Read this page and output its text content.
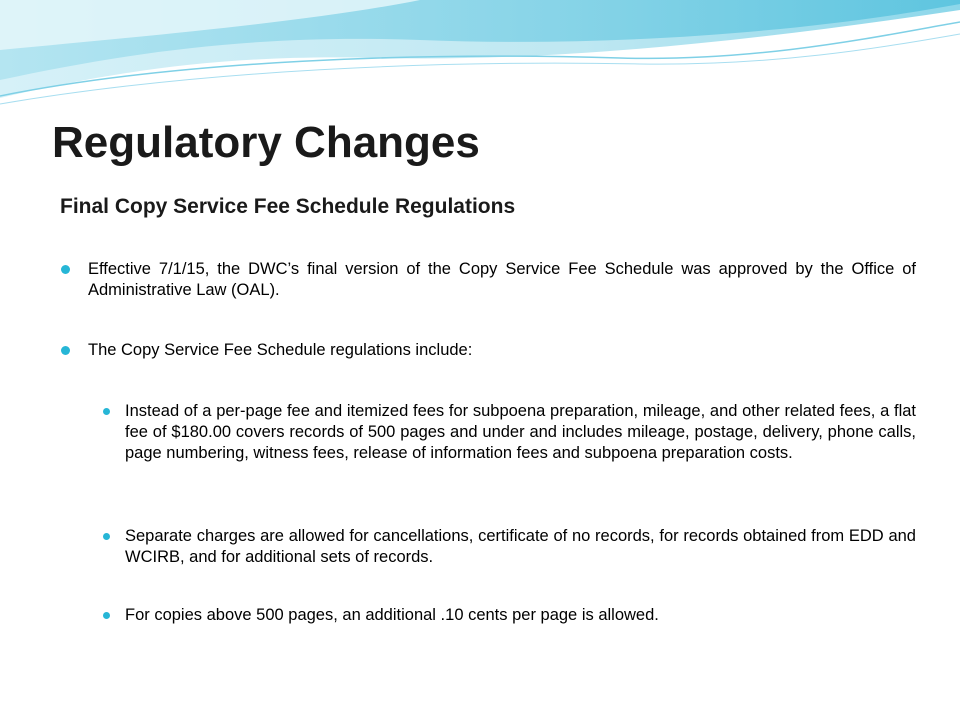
Regulatory Changes
Final Copy Service Fee Schedule Regulations
Effective 7/1/15, the DWC’s final version of the Copy Service Fee Schedule was approved by the Office of Administrative Law (OAL).
The Copy Service Fee Schedule regulations include:
Instead of a per-page fee and itemized fees for subpoena preparation, mileage, and other related fees, a flat fee of $180.00 covers records of 500 pages and under and includes mileage, postage, delivery, phone calls, page numbering, witness fees, release of information fees and subpoena preparation costs.
Separate charges are allowed for cancellations, certificate of no records, for records obtained from EDD and WCIRB, and for additional sets of records.
For copies above 500 pages, an additional .10 cents per page is allowed.
